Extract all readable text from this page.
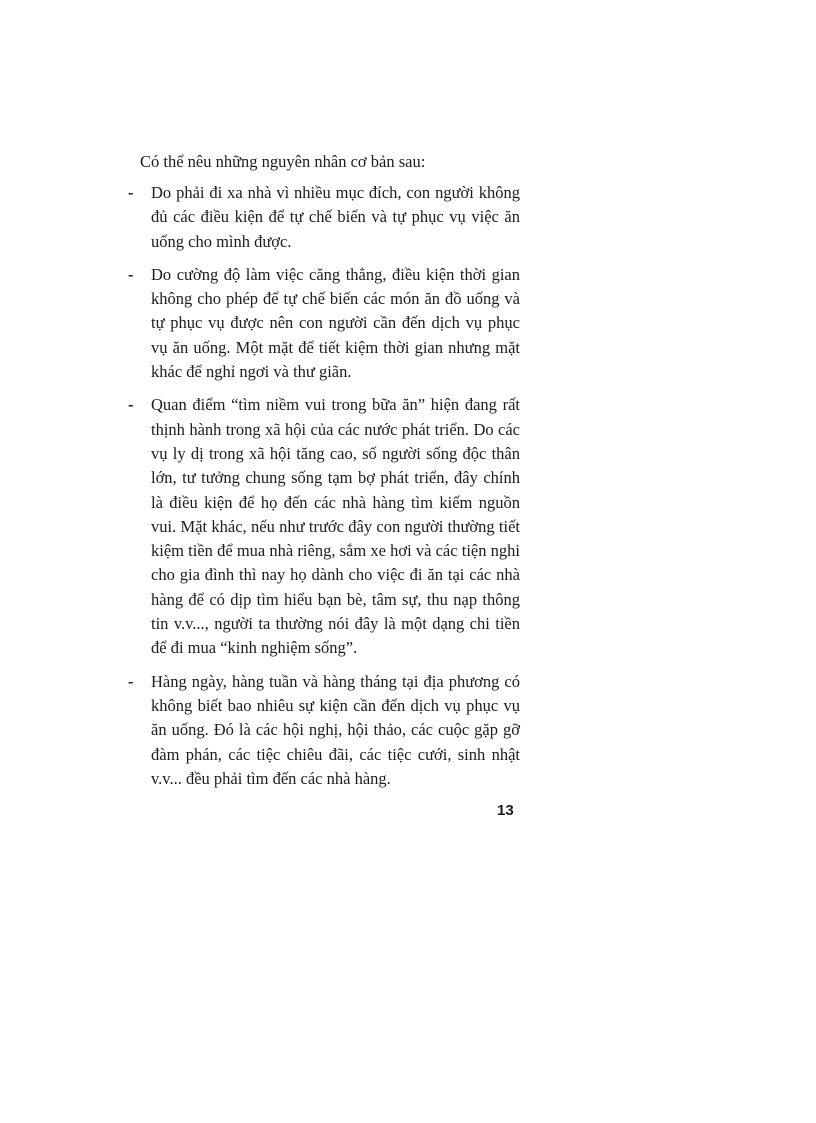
Có thể nêu những nguyên nhân cơ bản sau:

-	Do phải đi xa nhà vì nhiều mục đích, con người không đủ các điều kiện để tự chế biến và tự phục vụ việc ăn uống cho mình được.
-	Do cường độ làm việc căng thẳng, điều kiện thời gian không cho phép để tự chế biến các món ăn đồ uống và tự phục vụ được nên con người cần đến dịch vụ phục vụ ăn uống. Một mặt để tiết kiệm thời gian nhưng mặt khác để nghỉ ngơi và thư giãn.
-	Quan điểm “tìm niềm vui trong bữa ăn” hiện đang rất thịnh hành trong xã hội của các nước phát triển. Do các vụ ly dị trong xã hội tăng cao, số người sống độc thân lớn, tư tưởng chung sống tạm bợ phát triển, đây chính là điều kiện để họ đến các nhà hàng tìm kiếm nguồn vui. Mặt khác, nếu như trước đây con người thường tiết kiệm tiền để mua nhà riêng, sắm xe hơi và các tiện nghi cho gia đình thì nay họ dành cho việc đi ăn tại các nhà hàng để có dịp tìm hiểu bạn bè, tâm sự, thu nạp thông tin v.v..., người ta thường nói đây là một dạng chi tiền để đi mua “kinh nghiệm sống”.
-	Hàng ngày, hàng tuần và hàng tháng tại địa phương có không biết bao nhiêu sự kiện cần đến dịch vụ phục vụ ăn uống. Đó là các hội nghị, hội thảo, các cuộc gặp gỡ đàm phán, các tiệc chiêu đãi, các tiệc cưới, sinh nhật v.v... đều phải tìm đến các nhà hàng.

13
